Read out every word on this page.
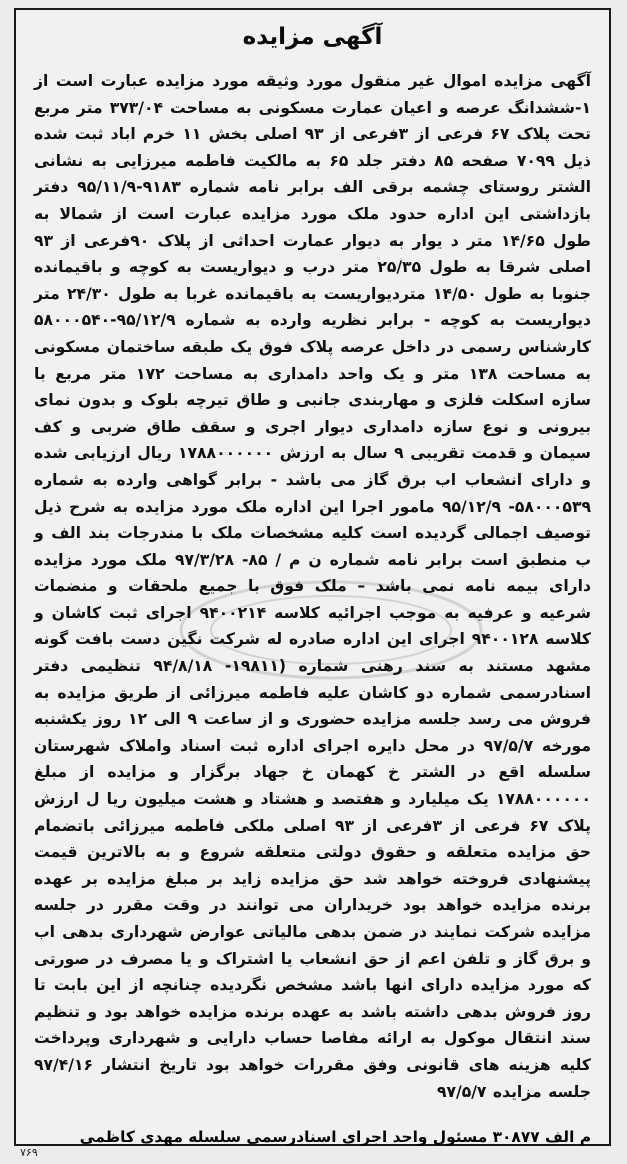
آگهی مزایده
آگهی مزایده اموال غیر منقول مورد وثیقه مورد مزایده عبارت است از ۱-ششدانگ عرصه و اعیان عمارت مسکونی به مساحت ۳۷۳/۰۴ متر مربع تحت پلاک ۶۷ فرعی از ۳فرعی از ۹۳ اصلی بخش ۱۱ خرم اباد ثبت شده ذیل ۷۰۹۹ صفحه ۸۵ دفتر جلد ۶۵ به مالکیت فاطمه میرزایی به نشانی الشتر روستای چشمه برقی الف برابر نامه شماره ۹۱۸۳-۹۵/۱۱/۹ دفتر بازداشتی این اداره حدود ملک مورد مزایده عبارت است از شمالا به طول ۱۴/۶۵ متر د یوار به دیوار عمارت احداثی از پلاک ۹۰فرعی از ۹۳ اصلی شرقا به طول ۲۵/۳۵ متر درب و دیواریست به کوچه و باقیمانده جنوبا به طول ۱۴/۵۰ متردیواریست به باقیمانده غربا به طول ۲۴/۳۰ متر دیواریست به کوچه - برابر نظریه وارده به شماره ۹۵/۱۲/۹-۵۸۰۰۰۵۴۰ کارشناس رسمی در داخل عرصه پلاک فوق یک طبقه ساختمان مسکونی به مساحت ۱۳۸ متر و یک واحد دامداری به مساحت ۱۷۲ متر مربع با سازه اسکلت فلزی و مهاربندی جانبی و طاق تیرچه بلوک و بدون نمای بیرونی و نوع سازه دامداری دیوار اجری و سقف طاق ضربی و کف سیمان و قدمت تقریبی ۹ سال به ارزش ۱۷۸۸۰۰۰۰۰۰ ریال ارزیابی شده و دارای انشعاب اب برق گاز می باشد - برابر گواهی وارده به شماره ۵۸۰۰۰۵۳۹- ۹۵/۱۲/۹ مامور اجرا این اداره ملک مورد مزایده به شرح ذیل توصیف اجمالی گردیده است کلیه مشخصات ملک با مندرجات بند الف و ب منطبق است برابر نامه شماره ن م / ۸۵- ۹۷/۳/۲۸ ملک مورد مزایده دارای بیمه نامه نمی باشد – ملک فوق با جمیع ملحقات و منضمات شرعیه و عرفیه به موجب اجرائیه کلاسه ۹۴۰۰۲۱۴ اجرای ثبت کاشان و کلاسه ۹۴۰۰۱۲۸ اجرای این اداره صادره له شرکت نگین دست بافت گونه مشهد مستند به سند رهنی شماره (۱۹۸۱۱- ۹۴/۸/۱۸ تنظیمی دفتر اسنادرسمی شماره دو کاشان علیه فاطمه میرزائی از طریق مزایده به فروش می رسد جلسه مزایده حضوری و از ساعت ۹ الی ۱۲ روز یکشنبه مورخه ۹۷/۵/۷ در محل دایره اجرای اداره ثبت اسناد واملاک شهرستان سلسله اقع در الشتر خ کهمان خ جهاد برگزار و مزایده از مبلغ ۱۷۸۸۰۰۰۰۰۰ یک میلیارد و هفتصد و هشتاد و هشت میلیون ریا ل ارزش پلاک ۶۷ فرعی از ۳فرعی از ۹۳ اصلی ملکی فاطمه میرزائی باتضمام حق مزایده متعلقه و حقوق دولتی متعلقه شروع و به بالاترین قیمت پیشنهادی فروخته خواهد شد حق مزایده زاید بر مبلغ مزایده بر عهده برنده مزایده خواهد بود خریداران می توانند در وقت مقرر در جلسه مزایده شرکت نمایند در ضمن بدهی مالیاتی عوارض شهرداری بدهی اب و برق گاز و تلفن اعم از حق انشعاب یا اشتراک و یا مصرف در صورتی که مورد مزایده دارای انها باشد مشخص نگردیده چنانچه از این بابت تا روز فروش بدهی داشته باشد به عهده برنده مزایده خواهد بود و تنظیم سند انتقال موکول به ارائه مفاصا حساب دارایی و شهرداری وپرداخت کلیه هزینه های قانونی وفق مقررات خواهد بود تاریخ انتشار ۹۷/۴/۱۶ جلسه مزایده ۹۷/۵/۷
م الف ۳۰۸۷۷ مسئول واحد اجرای اسنادرسمی سلسله مهدی کاظمی
۷۶۹
